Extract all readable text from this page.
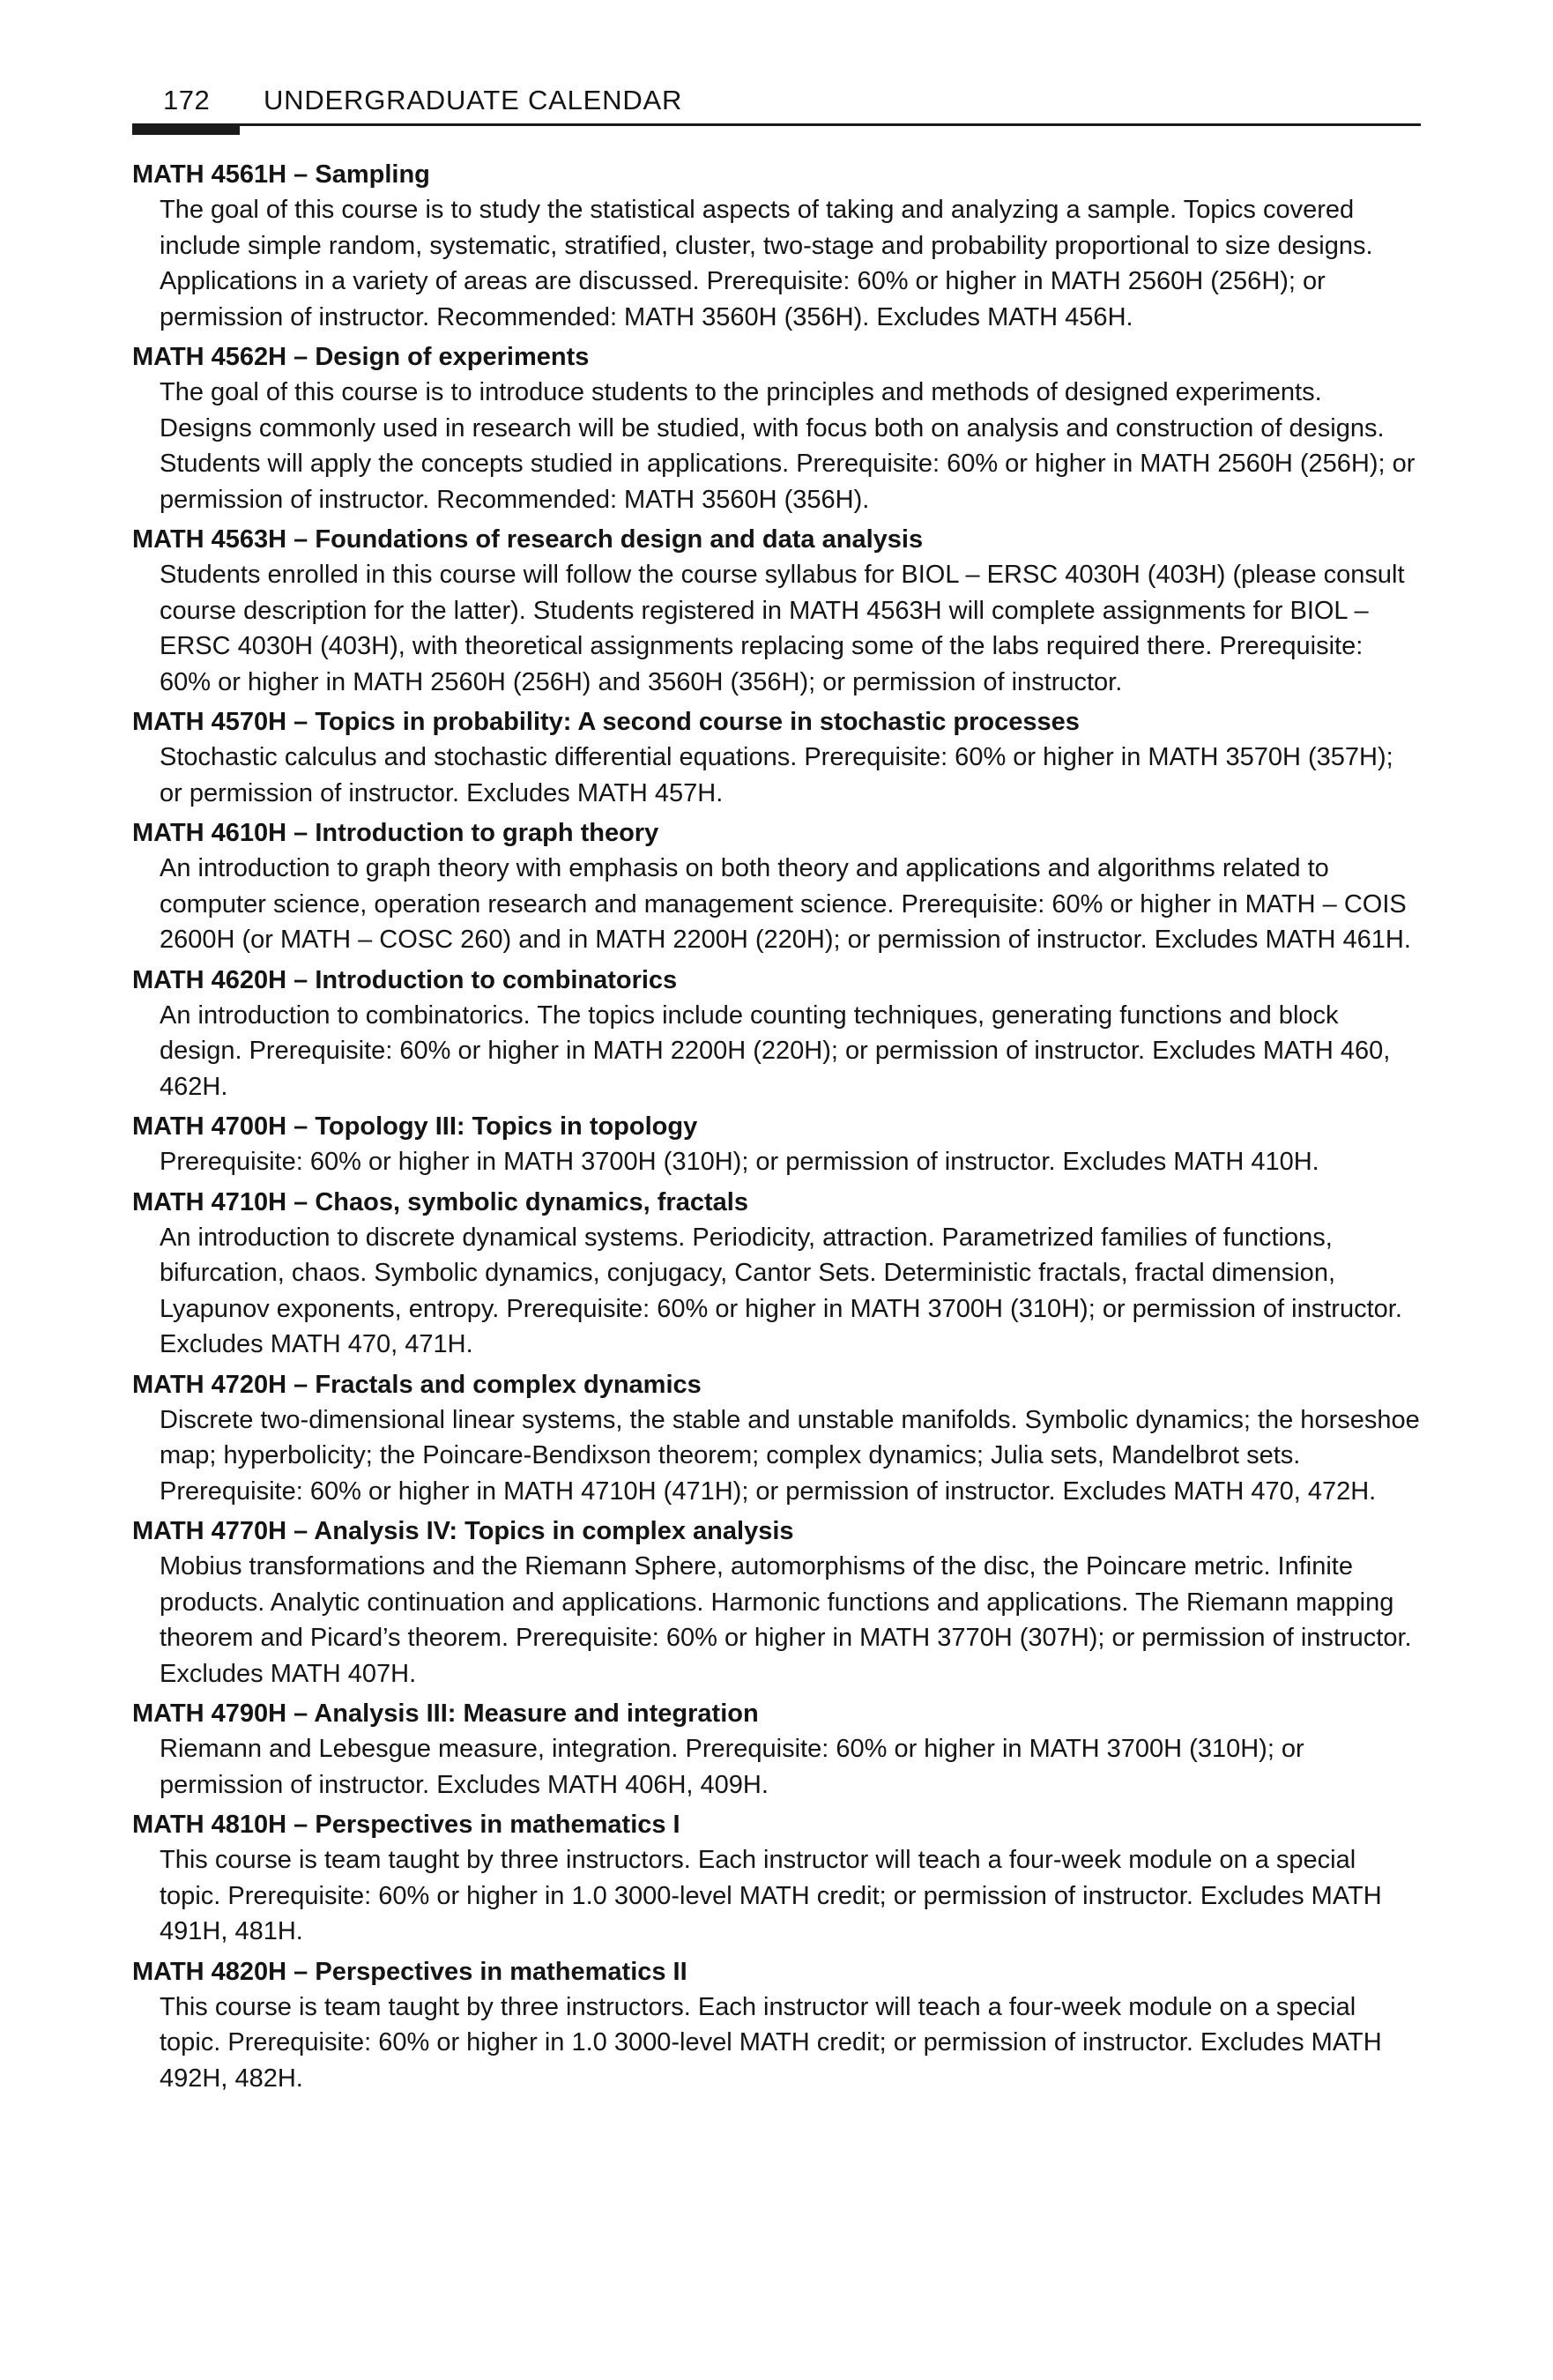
172 UNDERGRADUATE CALENDAR
MATH 4561H – Sampling
The goal of this course is to study the statistical aspects of taking and analyzing a sample. Topics covered include simple random, systematic, stratified, cluster, two-stage and probability proportional to size designs. Applications in a variety of areas are discussed. Prerequisite: 60% or higher in MATH 2560H (256H); or permission of instructor. Recommended: MATH 3560H (356H). Excludes MATH 456H.
MATH 4562H – Design of experiments
The goal of this course is to introduce students to the principles and methods of designed experiments. Designs commonly used in research will be studied, with focus both on analysis and construction of designs. Students will apply the concepts studied in applications. Prerequisite: 60% or higher in MATH 2560H (256H); or permission of instructor. Recommended: MATH 3560H (356H).
MATH 4563H – Foundations of research design and data analysis
Students enrolled in this course will follow the course syllabus for BIOL – ERSC 4030H (403H) (please consult course description for the latter). Students registered in MATH 4563H will complete assignments for BIOL – ERSC 4030H (403H), with theoretical assignments replacing some of the labs required there. Prerequisite: 60% or higher in MATH 2560H (256H) and 3560H (356H); or permission of instructor.
MATH 4570H – Topics in probability: A second course in stochastic processes
Stochastic calculus and stochastic differential equations. Prerequisite: 60% or higher in MATH 3570H (357H); or permission of instructor. Excludes MATH 457H.
MATH 4610H – Introduction to graph theory
An introduction to graph theory with emphasis on both theory and applications and algorithms related to computer science, operation research and management science. Prerequisite: 60% or higher in MATH – COIS 2600H (or MATH – COSC 260) and in MATH 2200H (220H); or permission of instructor. Excludes MATH 461H.
MATH 4620H – Introduction to combinatorics
An introduction to combinatorics. The topics include counting techniques, generating functions and block design. Prerequisite: 60% or higher in MATH 2200H (220H); or permission of instructor. Excludes MATH 460, 462H.
MATH 4700H – Topology III: Topics in topology
Prerequisite: 60% or higher in MATH 3700H (310H); or permission of instructor. Excludes MATH 410H.
MATH 4710H – Chaos, symbolic dynamics, fractals
An introduction to discrete dynamical systems. Periodicity, attraction. Parametrized families of functions, bifurcation, chaos. Symbolic dynamics, conjugacy, Cantor Sets. Deterministic fractals, fractal dimension, Lyapunov exponents, entropy. Prerequisite: 60% or higher in MATH 3700H (310H); or permission of instructor. Excludes MATH 470, 471H.
MATH 4720H – Fractals and complex dynamics
Discrete two-dimensional linear systems, the stable and unstable manifolds. Symbolic dynamics; the horseshoe map; hyperbolicity; the Poincare-Bendixson theorem; complex dynamics; Julia sets, Mandelbrot sets. Prerequisite: 60% or higher in MATH 4710H (471H); or permission of instructor. Excludes MATH 470, 472H.
MATH 4770H – Analysis IV: Topics in complex analysis
Mobius transformations and the Riemann Sphere, automorphisms of the disc, the Poincare metric. Infinite products. Analytic continuation and applications. Harmonic functions and applications. The Riemann mapping theorem and Picard’s theorem. Prerequisite: 60% or higher in MATH 3770H (307H); or permission of instructor. Excludes MATH 407H.
MATH 4790H – Analysis III: Measure and integration
Riemann and Lebesgue measure, integration. Prerequisite: 60% or higher in MATH 3700H (310H); or permission of instructor. Excludes MATH 406H, 409H.
MATH 4810H – Perspectives in mathematics I
This course is team taught by three instructors. Each instructor will teach a four-week module on a special topic. Prerequisite: 60% or higher in 1.0 3000-level MATH credit; or permission of instructor. Excludes MATH 491H, 481H.
MATH 4820H – Perspectives in mathematics II
This course is team taught by three instructors. Each instructor will teach a four-week module on a special topic. Prerequisite: 60% or higher in 1.0 3000-level MATH credit; or permission of instructor. Excludes MATH 492H, 482H.
